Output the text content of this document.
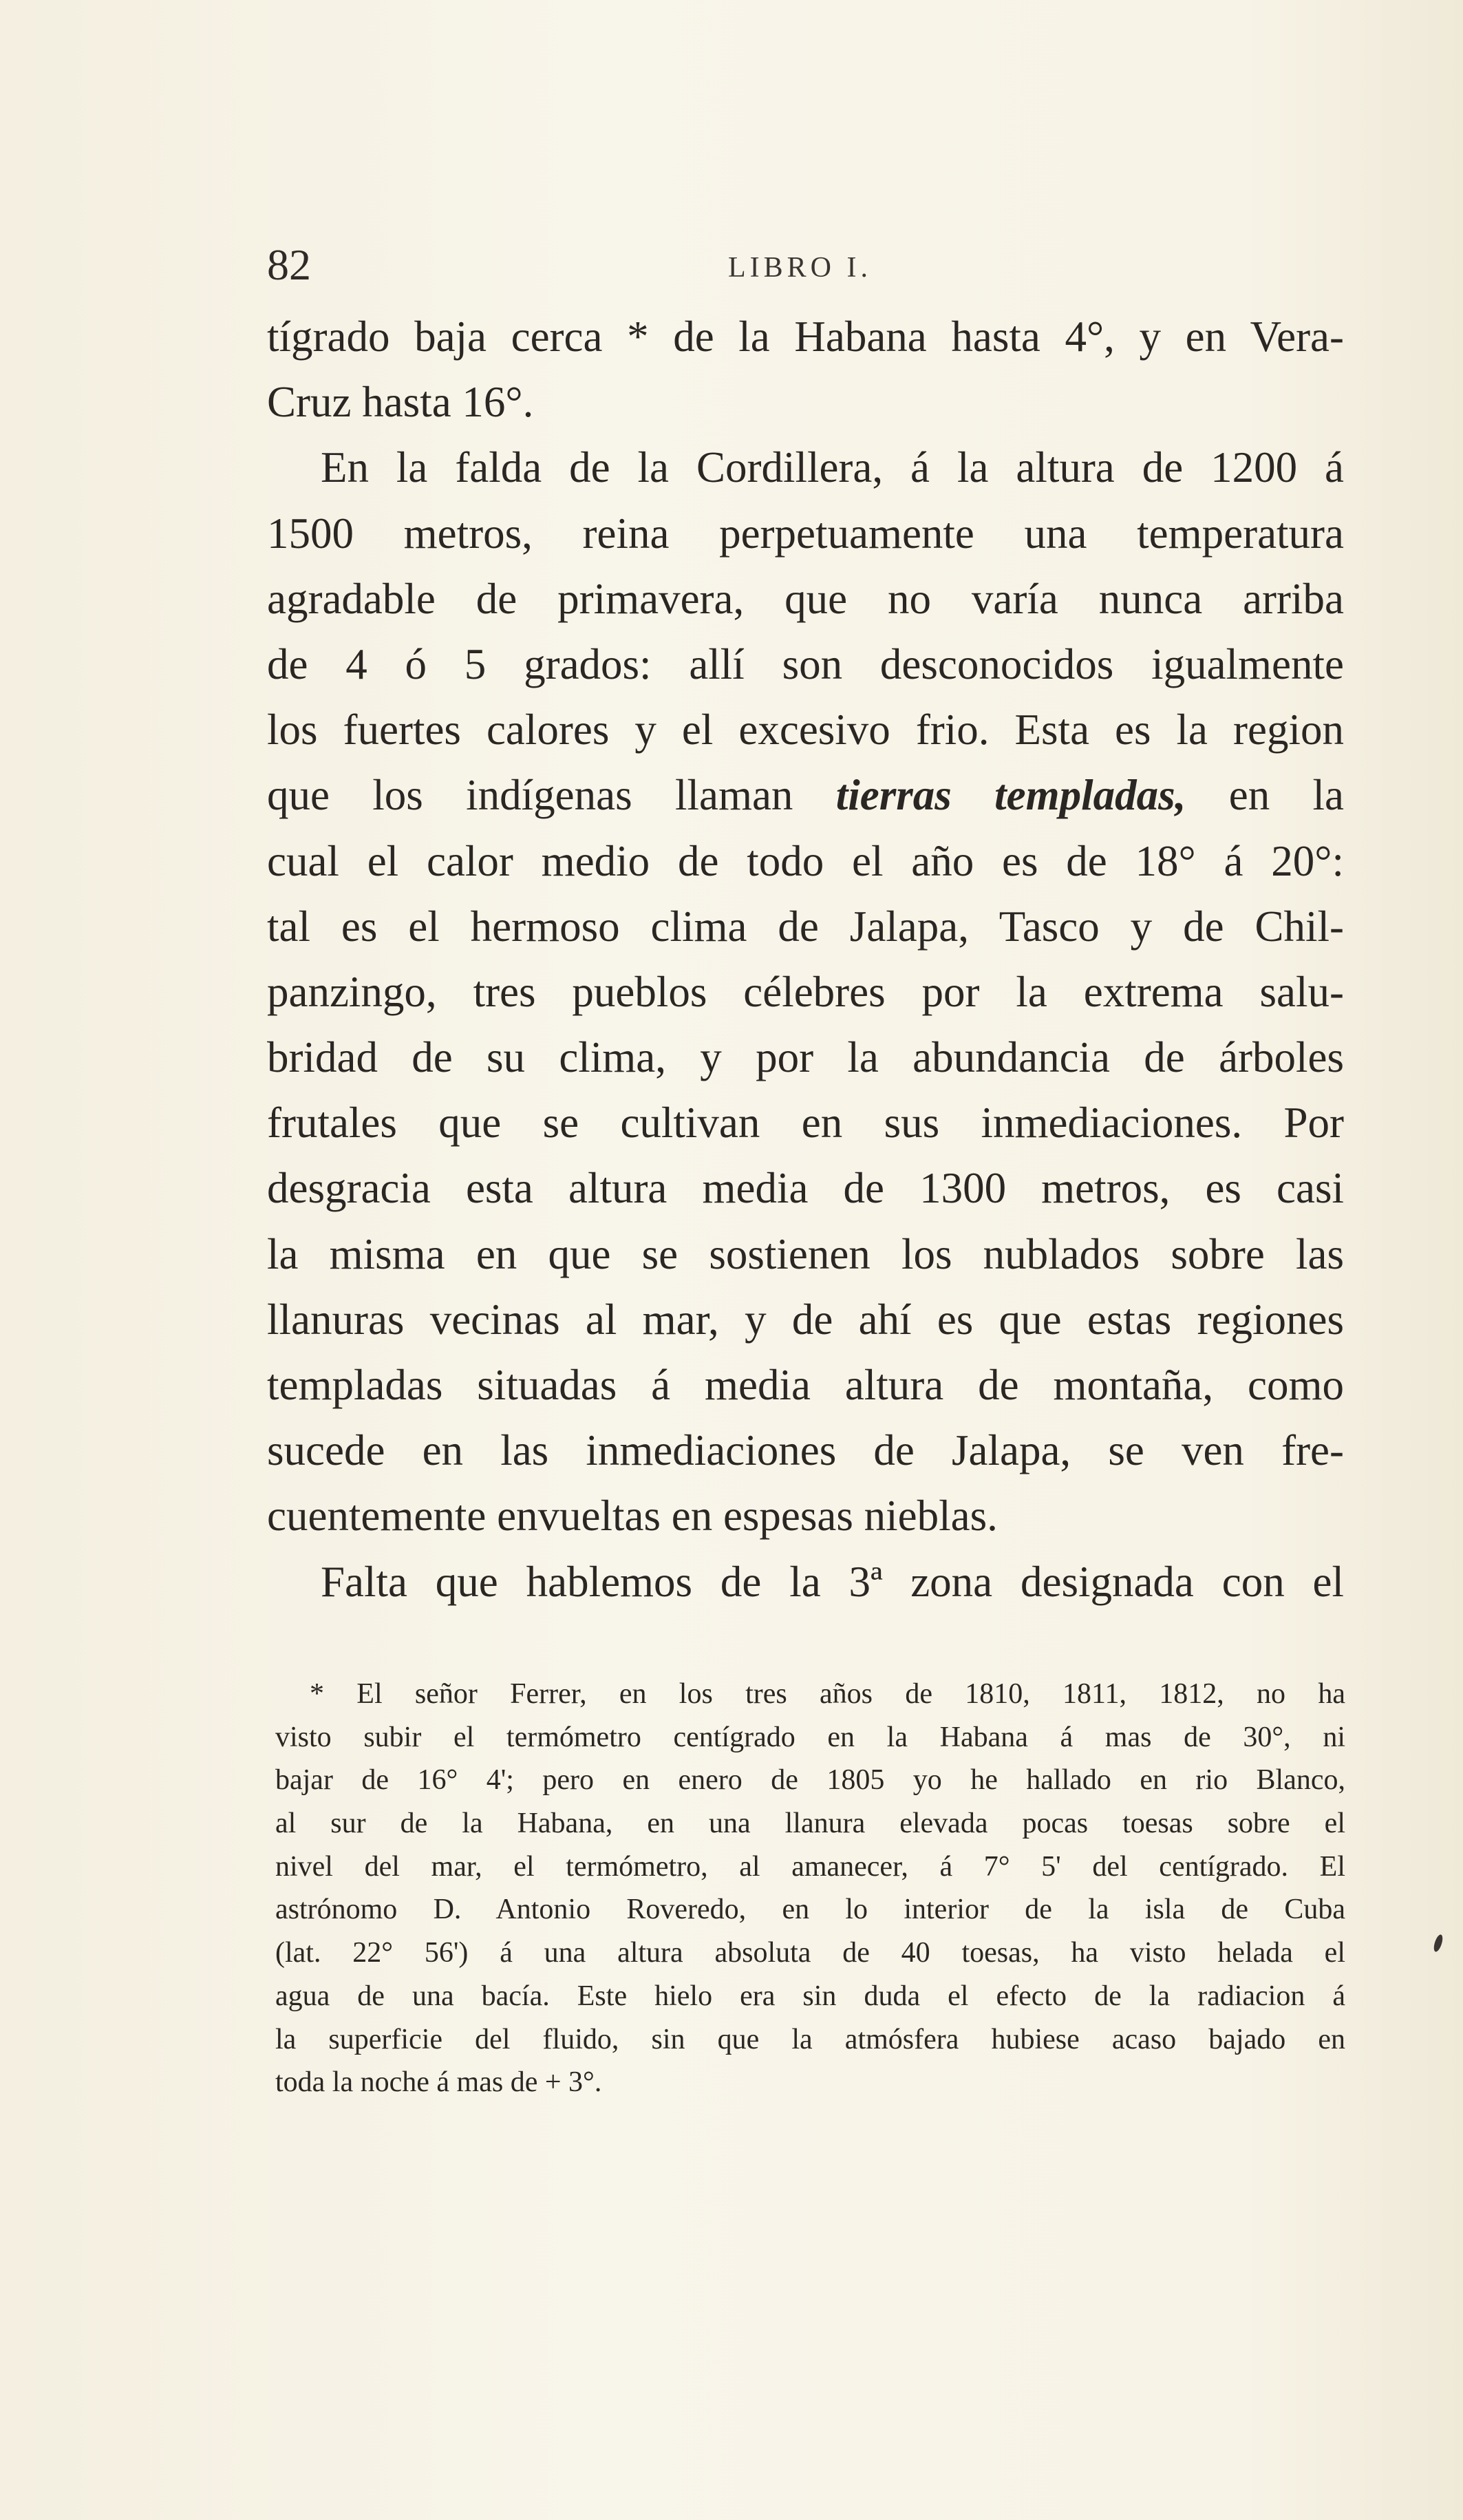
82	LIBRO I.
tígrado baja cerca * de la Habana hasta 4°, y en Vera-
Cruz hasta 16°.
En la falda de la Cordillera, á la altura de 1200 á
1500 metros, reina perpetuamente una temperatura
agradable de primavera, que no varía nunca arriba
de 4 ó 5 grados: allí son desconocidos igualmente
los fuertes calores y el excesivo frio. Esta es la region
que los indígenas llaman tierras templadas, en la
cual el calor medio de todo el año es de 18° á 20°:
tal es el hermoso clima de Jalapa, Tasco y de Chil-
panzingo, tres pueblos célebres por la extrema salu-
bridad de su clima, y por la abundancia de árboles
frutales que se cultivan en sus inmediaciones. Por
desgracia esta altura media de 1300 metros, es casi
la misma en que se sostienen los nublados sobre las
llanuras vecinas al mar, y de ahí es que estas regiones
templadas situadas á media altura de montaña, como
sucede en las inmediaciones de Jalapa, se ven fre-
cuentemente envueltas en espesas nieblas.
Falta que hablemos de la 3ª zona designada con el
* El señor Ferrer, en los tres años de 1810, 1811, 1812, no ha
visto subir el termómetro centígrado en la Habana á mas de 30°, ni
bajar de 16° 4'; pero en enero de 1805 yo he hallado en rio Blanco,
al sur de la Habana, en una llanura elevada pocas toesas sobre el
nivel del mar, el termómetro, al amanecer, á 7° 5' del centígrado. El
astrónomo D. Antonio Roveredo, en lo interior de la isla de Cuba
(lat. 22° 56') á una altura absoluta de 40 toesas, ha visto helada el
agua de una bacía. Este hielo era sin duda el efecto de la radiacion á
la superficie del fluido, sin que la atmósfera hubiese acaso bajado en
toda la noche á mas de + 3°.
